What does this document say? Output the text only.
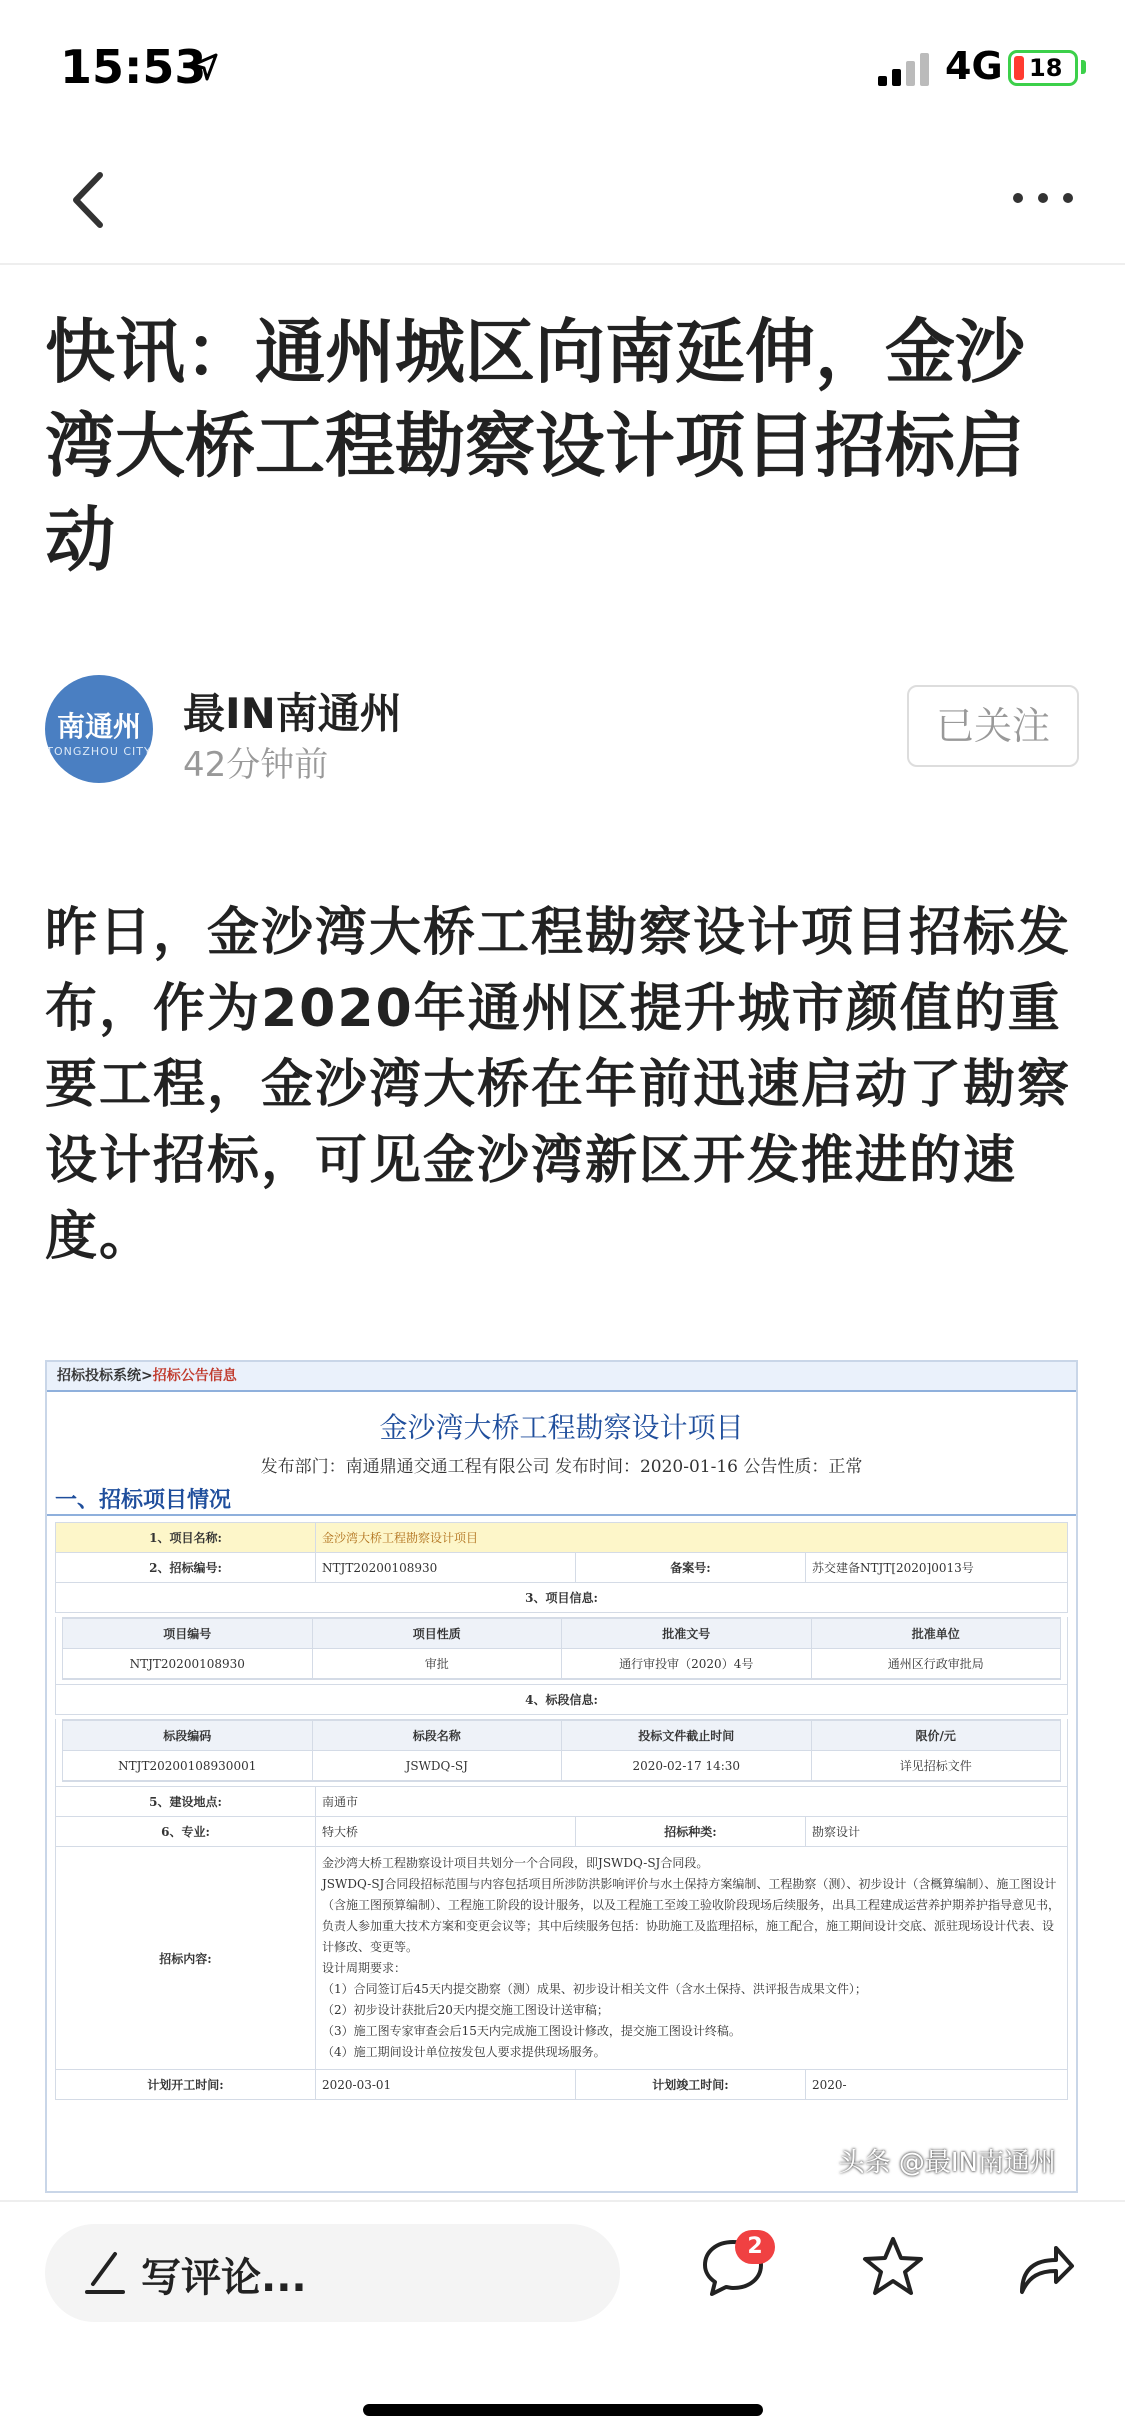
15:53	4G 18
快讯：通州城区向南延伸，金沙湾大桥工程勘察设计项目招标启动
南通州
TONGZHOU CITY
最IN南通州
42分钟前
已关注

昨日，金沙湾大桥工程勘察设计项目招标发布，作为2020年通州区提升城市颜值的重要工程，金沙湾大桥在年前迅速启动了勘察设计招标，可见金沙湾新区开发推进的速度。

招标投标系统>招标公告信息
金沙湾大桥工程勘察设计项目
发布部门：南通鼎通交通工程有限公司 发布时间：2020-01-16 公告性质：正常
一、招标项目情况
1、项目名称:	金沙湾大桥工程勘察设计项目
2、招标编号:	NTJT20200108930	备案号:	苏交建备NTJT[2020]0013号
3、项目信息:
项目编号	项目性质	批准文号	批准单位
NTJT20200108930	审批	通行审投审（2020）4号	通州区行政审批局
4、标段信息:
标段编码	标段名称	投标文件截止时间	限价/元
NTJT20200108930001	JSWDQ-SJ	2020-02-17 14:30	详见招标文件
5、建设地点:	南通市
6、专业:	特大桥	招标种类:	勘察设计
招标内容:

金沙湾大桥工程勘察设计项目共划分一个合同段，即JSWDQ-SJ合同段。

JSWDQ-SJ合同段招标范围与内容包括项目所涉防洪影响评价与水土保持方案编制、工程勘察（测）、初步设计（含概算编制）、施工图设计（含施工图预算编制）、工程施工阶段的设计服务，以及工程施工至竣工验收阶段现场后续服务，出具工程建成运营养护期养护指导意见书，负责人参加重大技术方案和变更会议等；其中后续服务包括：协助施工及监理招标，施工配合，施工期间设计交底、派驻现场设计代表、设计修改、变更等。

设计周期要求：

（1）合同签订后45天内提交勘察（测）成果、初步设计相关文件（含水土保持、洪评报告成果文件）；

（2）初步设计获批后20天内提交施工图设计送审稿；

（3）施工图专家审查会后15天内完成施工图设计修改，提交施工图设计终稿。

（4）施工期间设计单位按发包人要求提供现场服务。

计划开工时间:	2020-03-01	计划竣工时间:	2020-
头条 @最IN南通州
写评论...
2
